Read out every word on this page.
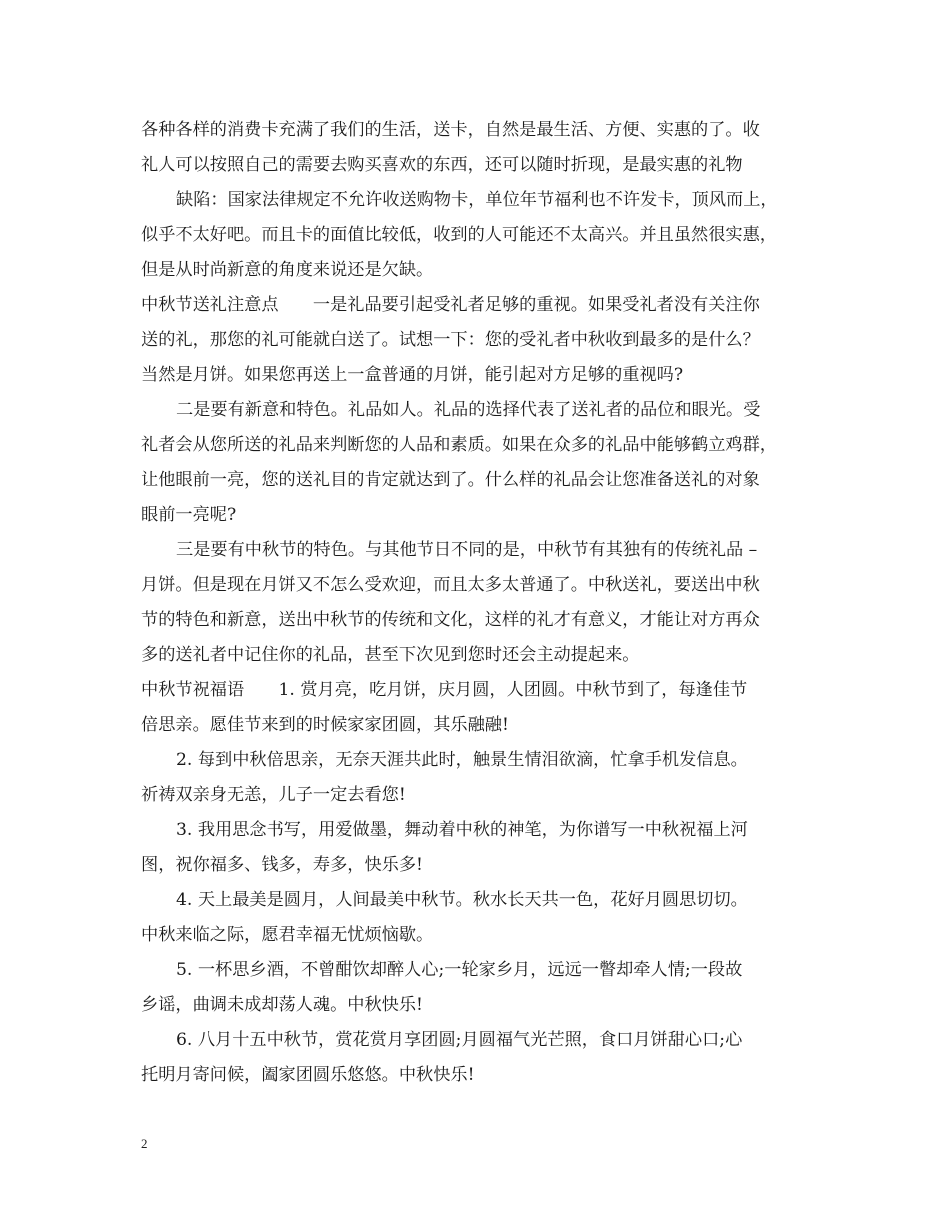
各种各样的消费卡充满了我们的生活，送卡，自然是最生活、方便、实惠的了。收
礼人可以按照自己的需要去购买喜欢的东西，还可以随时折现，是最实惠的礼物
缺陷：国家法律规定不允许收送购物卡，单位年节福利也不许发卡，顶风而上，
似乎不太好吧。而且卡的面值比较低，收到的人可能还不太高兴。并且虽然很实惠，
但是从时尚新意的角度来说还是欠缺。
中秋节送礼注意点　　一是礼品要引起受礼者足够的重视。如果受礼者没有关注你
送的礼，那您的礼可能就白送了。试想一下：您的受礼者中秋收到最多的是什么？
当然是月饼。如果您再送上一盒普通的月饼，能引起对方足够的重视吗?
二是要有新意和特色。礼品如人。礼品的选择代表了送礼者的品位和眼光。受
礼者会从您所送的礼品来判断您的人品和素质。如果在众多的礼品中能够鹤立鸡群，
让他眼前一亮，您的送礼目的肯定就达到了。什么样的礼品会让您准备送礼的对象
眼前一亮呢?
三是要有中秋节的特色。与其他节日不同的是，中秋节有其独有的传统礼品 –
月饼。但是现在月饼又不怎么受欢迎，而且太多太普通了。中秋送礼，要送出中秋
节的特色和新意，送出中秋节的传统和文化，这样的礼才有意义，才能让对方再众
多的送礼者中记住你的礼品，甚至下次见到您时还会主动提起来。
中秋节祝福语　　1. 赏月亮，吃月饼，庆月圆，人团圆。中秋节到了，每逢佳节
倍思亲。愿佳节来到的时候家家团圆，其乐融融!
2. 每到中秋倍思亲，无奈天涯共此时，触景生情泪欲滴，忙拿手机发信息。
祈祷双亲身无恙，儿子一定去看您!
3. 我用思念书写，用爱做墨，舞动着中秋的神笔，为你谱写一中秋祝福上河
图，祝你福多、钱多，寿多，快乐多!
4. 天上最美是圆月，人间最美中秋节。秋水长天共一色，花好月圆思切切。
中秋来临之际，愿君幸福无忧烦恼歇。
5. 一杯思乡酒，不曾酣饮却醉人心;一轮家乡月，远远一瞥却牵人情;一段故
乡谣，曲调未成却荡人魂。中秋快乐!
6. 八月十五中秋节，赏花赏月享团圆;月圆福气光芒照，食口月饼甜心口;心
托明月寄问候，阖家团圆乐悠悠。中秋快乐!
2
